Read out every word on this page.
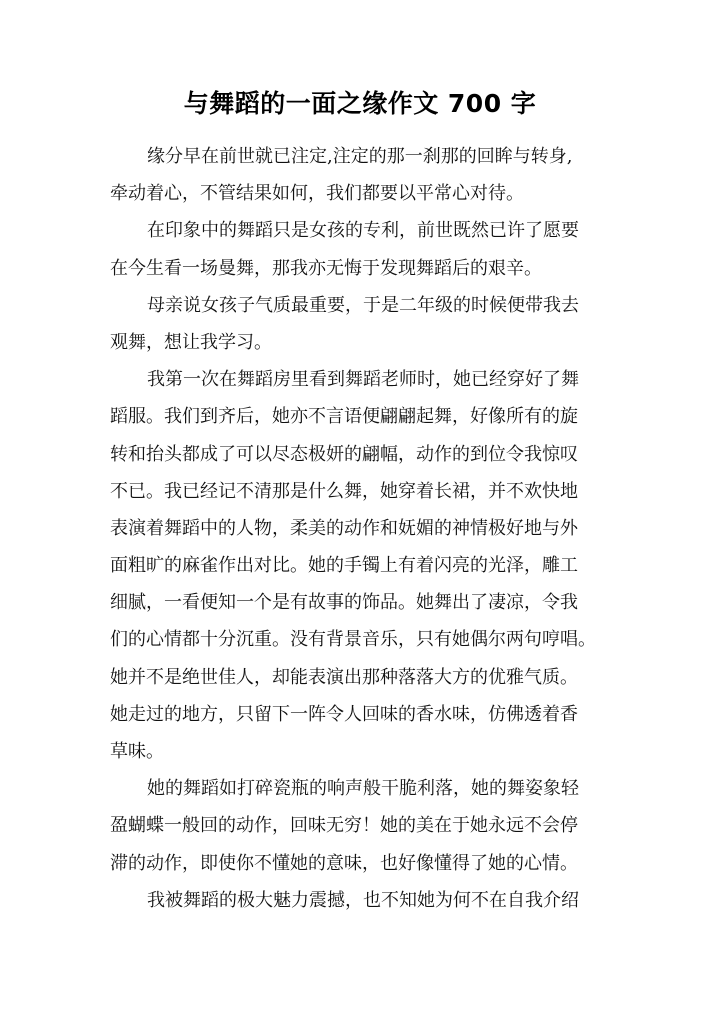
与舞蹈的一面之缘作文 700 字
缘分早在前世就已注定,注定的那一刹那的回眸与转身,
牵动着心，不管结果如何，我们都要以平常心对待。
在印象中的舞蹈只是女孩的专利，前世既然已许了愿要
在今生看一场曼舞，那我亦无悔于发现舞蹈后的艰辛。
母亲说女孩子气质最重要，于是二年级的时候便带我去
观舞，想让我学习。
我第一次在舞蹈房里看到舞蹈老师时，她已经穿好了舞
蹈服。我们到齐后，她亦不言语便翩翩起舞，好像所有的旋
转和抬头都成了可以尽态极妍的翩幅，动作的到位令我惊叹
不已。我已经记不清那是什么舞，她穿着长裙，并不欢快地
表演着舞蹈中的人物，柔美的动作和妩媚的神情极好地与外
面粗旷的麻雀作出对比。她的手镯上有着闪亮的光泽，雕工
细腻，一看便知一个是有故事的饰品。她舞出了凄凉，令我
们的心情都十分沉重。没有背景音乐，只有她偶尔两句哼唱。
她并不是绝世佳人，却能表演出那种落落大方的优雅气质。
她走过的地方，只留下一阵令人回味的香水味，仿佛透着香
草味。
她的舞蹈如打碎瓷瓶的响声般干脆利落，她的舞姿象轻
盈蝴蝶一般回的动作，回味无穷！她的美在于她永远不会停
滞的动作，即使你不懂她的意味，也好像懂得了她的心情。
我被舞蹈的极大魅力震撼，也不知她为何不在自我介绍
